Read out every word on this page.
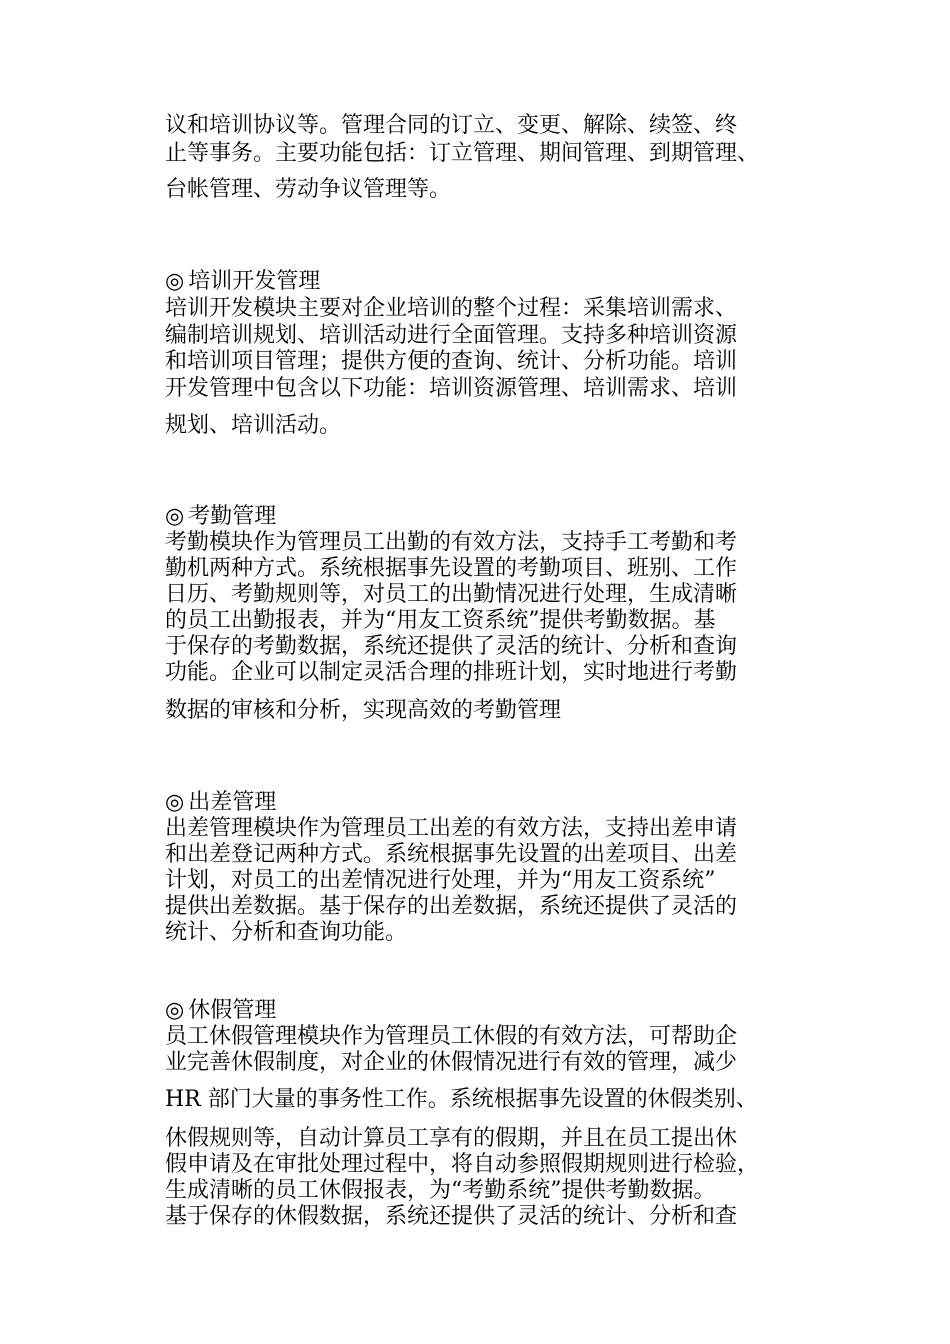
议和培训协议等。管理合同的订立、变更、解除、续签、终
止等事务。主要功能包括：订立管理、期间管理、到期管理、
台帐管理、劳动争议管理等。
◎ 培训开发管理
培训开发模块主要对企业培训的整个过程：采集培训需求、
编制培训规划、培训活动进行全面管理。支持多种培训资源
和培训项目管理；提供方便的查询、统计、分析功能。培训
开发管理中包含以下功能：培训资源管理、培训需求、培训
规划、培训活动。
◎ 考勤管理
考勤模块作为管理员工出勤的有效方法，支持手工考勤和考
勤机两种方式。系统根据事先设置的考勤项目、班别、工作
日历、考勤规则等，对员工的出勤情况进行处理，生成清晰
的员工出勤报表，并为“用友工资系统”提供考勤数据。基
于保存的考勤数据，系统还提供了灵活的统计、分析和查询
功能。企业可以制定灵活合理的排班计划，实时地进行考勤
数据的审核和分析，实现高效的考勤管理
◎ 出差管理
出差管理模块作为管理员工出差的有效方法，支持出差申请
和出差登记两种方式。系统根据事先设置的出差项目、出差
计划，对员工的出差情况进行处理，并为“用友工资系统”
提供出差数据。基于保存的出差数据，系统还提供了灵活的
统计、分析和查询功能。
◎ 休假管理
员工休假管理模块作为管理员工休假的有效方法，可帮助企
业完善休假制度，对企业的休假情况进行有效的管理，减少
HR 部门大量的事务性工作。系统根据事先设置的休假类别、
休假规则等，自动计算员工享有的假期，并且在员工提出休
假申请及在审批处理过程中，将自动参照假期规则进行检验，
生成清晰的员工休假报表，为“考勤系统”提供考勤数据。
基于保存的休假数据，系统还提供了灵活的统计、分析和查
